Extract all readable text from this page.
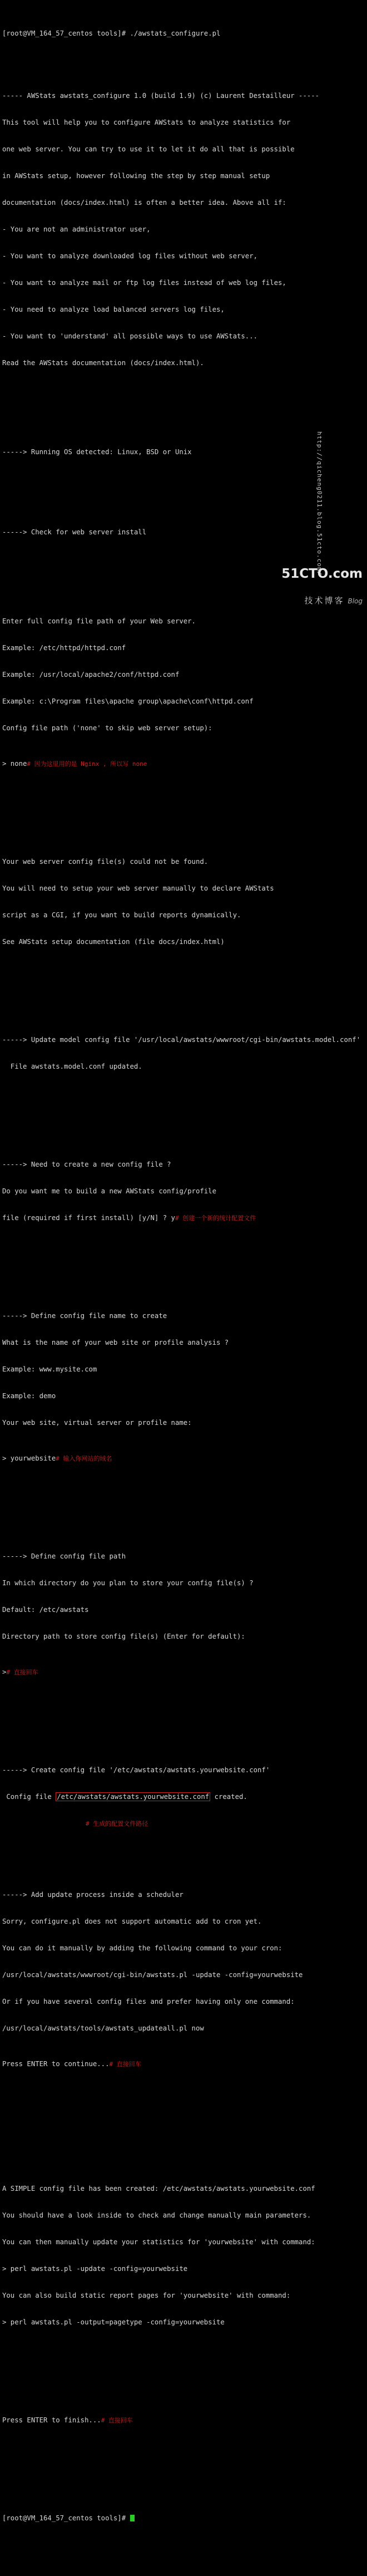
[root@VM_164_57_centos tools]# ./awstats_configure.pl

----- AWStats awstats_configure 1.0 (build 1.9) (c) Laurent Destailleur -----

This tool will help you to configure AWStats to analyze statistics for

one web server. You can try to use it to let it do all that is possible

in AWStats setup, however following the step by step manual setup

documentation (docs/index.html) is often a better idea. Above all if:

- You are not an administrator user,

- You want to analyze downloaded log files without web server,

- You want to analyze mail or ftp log files instead of web log files,

- You need to analyze load balanced servers log files,

- You want to 'understand' all possible ways to use AWStats...

Read the AWStats documentation (docs/index.html).

-----> Running OS detected: Linux, BSD or Unix

-----> Check for web server install

Enter full config file path of your Web server.

Example: /etc/httpd/httpd.conf

Example: /usr/local/apache2/conf/httpd.conf

Example: c:\Program files\apache group\apache\conf\httpd.conf

Config file path ('none' to skip web server setup):

> none# 因为这里用的是 Nginx , 所以写 none

Your web server config file(s) could not be found.

You will need to setup your web server manually to declare AWStats

script as a CGI, if you want to build reports dynamically.

See AWStats setup documentation (file docs/index.html)

-----> Update model config file '/usr/local/awstats/wwwroot/cgi-bin/awstats.model.conf'

File awstats.model.conf updated.

-----> Need to create a new config file ?

Do you want me to build a new AWStats config/profile

file (required if first install) [y/N] ? y# 创建一个新的统计配置文件

-----> Define config file name to create

What is the name of your web site or profile analysis ?

Example: www.mysite.com

Example: demo

Your web site, virtual server or profile name:

> yourwebsite# 输入你网站的域名

-----> Define config file path

In which directory do you plan to store your config file(s) ?

Default: /etc/awstats

Directory path to store config file(s) (Enter for default):

># 直接回车

-----> Create config file '/etc/awstats/awstats.yourwebsite.conf'

Config file /etc/awstats/awstats.yourwebsite.conf created.

# 生成的配置文件路径

-----> Add update process inside a scheduler

Sorry, configure.pl does not support automatic add to cron yet.

You can do it manually by adding the following command to your cron:

/usr/local/awstats/wwwroot/cgi-bin/awstats.pl -update -config=yourwebsite

Or if you have several config files and prefer having only one command:

/usr/local/awstats/tools/awstats_updateall.pl now

Press ENTER to continue...# 直接回车

A SIMPLE config file has been created: /etc/awstats/awstats.yourwebsite.conf

You should have a look inside to check and change manually main parameters.

You can then manually update your statistics for 'yourwebsite' with command:

> perl awstats.pl -update -config=yourwebsite

You can also build static report pages for 'yourwebsite' with command:

> perl awstats.pl -output=pagetype -config=yourwebsite

Press ENTER to finish...# 直接回车

[root@VM_164_57_centos tools]#

http://qicheng0211.blog.51cto.com/

51CTO.com

技术博客 Blog
